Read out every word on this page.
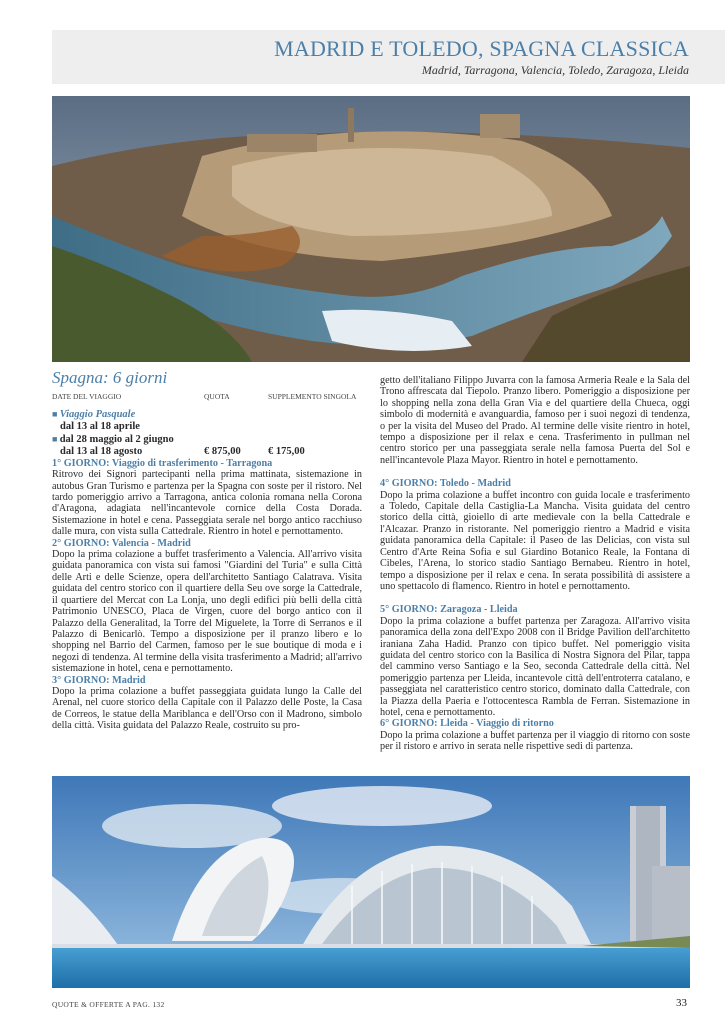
MADRID E TOLEDO, SPAGNA CLASSICA
Madrid, Tarragona, Valencia, Toledo, Zaragoza, Lleida
Spagna: 6 giorni
DATE DEL VIAGGIO	QUOTA	SUPPLEMENTO SINGOLA
■ Viaggio Pasquale
dal 13 al 18 aprile
■ dal 28 maggio al 2 giugno
dal 13 al 18 agosto	€ 875,00	€ 175,00

1° GIORNO: Viaggio di trasferimento - Tarragona

Ritrovo dei Signori partecipanti nella prima mattinata, sistemazione in autobus Gran Turismo e partenza per la Spagna con soste per il ristoro. Nel tardo pomeriggio arrivo a Tarragona, antica colonia romana nella Corona d'Aragona, adagiata nell'incantevole cornice della Costa Dorada. Sistemazione in hotel e cena. Passeggiata serale nel borgo antico racchiuso dalle mura, con vista sulla Cattedrale. Rientro in hotel e pernottamento.

2° GIORNO: Valencia - Madrid

Dopo la prima colazione a buffet trasferimento a Valencia. All'arrivo visita guidata panoramica con vista sui famosi "Giardini del Turia" e sulla Città delle Arti e delle Scienze, opera dell'architetto Santiago Calatrava. Visita guidata del centro storico con il quartiere della Seu ove sorge la Cattedrale, il quartiere del Mercat con La Lonja, uno degli edifici più belli della città Patrimonio UNESCO, Placa de Virgen, cuore del borgo antico con il Palazzo della Generalitad, la Torre del Miguelete, la Torre di Serranos e il Palazzo di Benicarlò. Tempo a disposizione per il pranzo libero e lo shopping nel Barrio del Carmen, famoso per le sue boutique di moda e i negozi di tendenza. Al termine della visita trasferimento a Madrid; all'arrivo sistemazione in hotel, cena e pernottamento.

3° GIORNO: Madrid

Dopo la prima colazione a buffet passeggiata guidata lungo la Calle del Arenal, nel cuore storico della Capitale con il Palazzo delle Poste, la Casa de Correos, le statue della Mariblanca e dell'Orso con il Madrono, simbolo della città. Visita guidata del Palazzo Reale, costruito su pro-

getto dell'italiano Filippo Juvarra con la famosa Armeria Reale e la Sala del Trono affrescata dal Tiepolo. Pranzo libero. Pomeriggio a disposizione per lo shopping nella zona della Gran Via e del quartiere della Chueca, oggi simbolo di modernità e avanguardia, famoso per i suoi negozi di tendenza, o per la visita del Museo del Prado. Al termine delle visite rientro in hotel, tempo a disposizione per il relax e cena. Trasferimento in pullman nel centro storico per una passeggiata serale nella famosa Puerta del Sol e nell'incantevole Plaza Mayor. Rientro in hotel e pernottamento.

4° GIORNO: Toledo - Madrid

Dopo la prima colazione a buffet incontro con guida locale e trasferimento a Toledo, Capitale della Castiglia-La Mancha. Visita guidata del centro storico della città, gioiello di arte medievale con la bella Cattedrale e l'Alcazar. Pranzo in ristorante. Nel pomeriggio rientro a Madrid e visita guidata panoramica della Capitale: il Paseo de las Delicias, con vista sul Centro d'Arte Reina Sofia e sul Giardino Botanico Reale, la Fontana di Cibeles, l'Arena, lo storico stadio Santiago Bernabeu. Rientro in hotel, tempo a disposizione per il relax e cena. In serata possibilità di assistere a uno spettacolo di flamenco. Rientro in hotel e pernottamento.

5° GIORNO: Zaragoza - Lleida

Dopo la prima colazione a buffet partenza per Zaragoza. All'arrivo visita panoramica della zona dell'Expo 2008 con il Bridge Pavilion dell'architetto iraniana Zaha Hadid. Pranzo con tipico buffet. Nel pomeriggio visita guidata del centro storico con la Basilica di Nostra Signora del Pilar, tappa del cammino verso Santiago e la Seo, seconda Cattedrale della città. Nel pomeriggio partenza per Lleida, incantevole città dell'entroterra catalano, e passeggiata nel caratteristico centro storico, dominato dalla Cattedrale, con la Piazza della Paeria e l'ottocentesca Rambla de Ferran. Sistemazione in hotel, cena e pernottamento.

6° GIORNO: Lleida - Viaggio di ritorno

Dopo la prima colazione a buffet partenza per il viaggio di ritorno con soste per il ristoro e arrivo in serata nelle rispettive sedi di partenza.

QUOTE & OFFERTE A PAG. 132	33
